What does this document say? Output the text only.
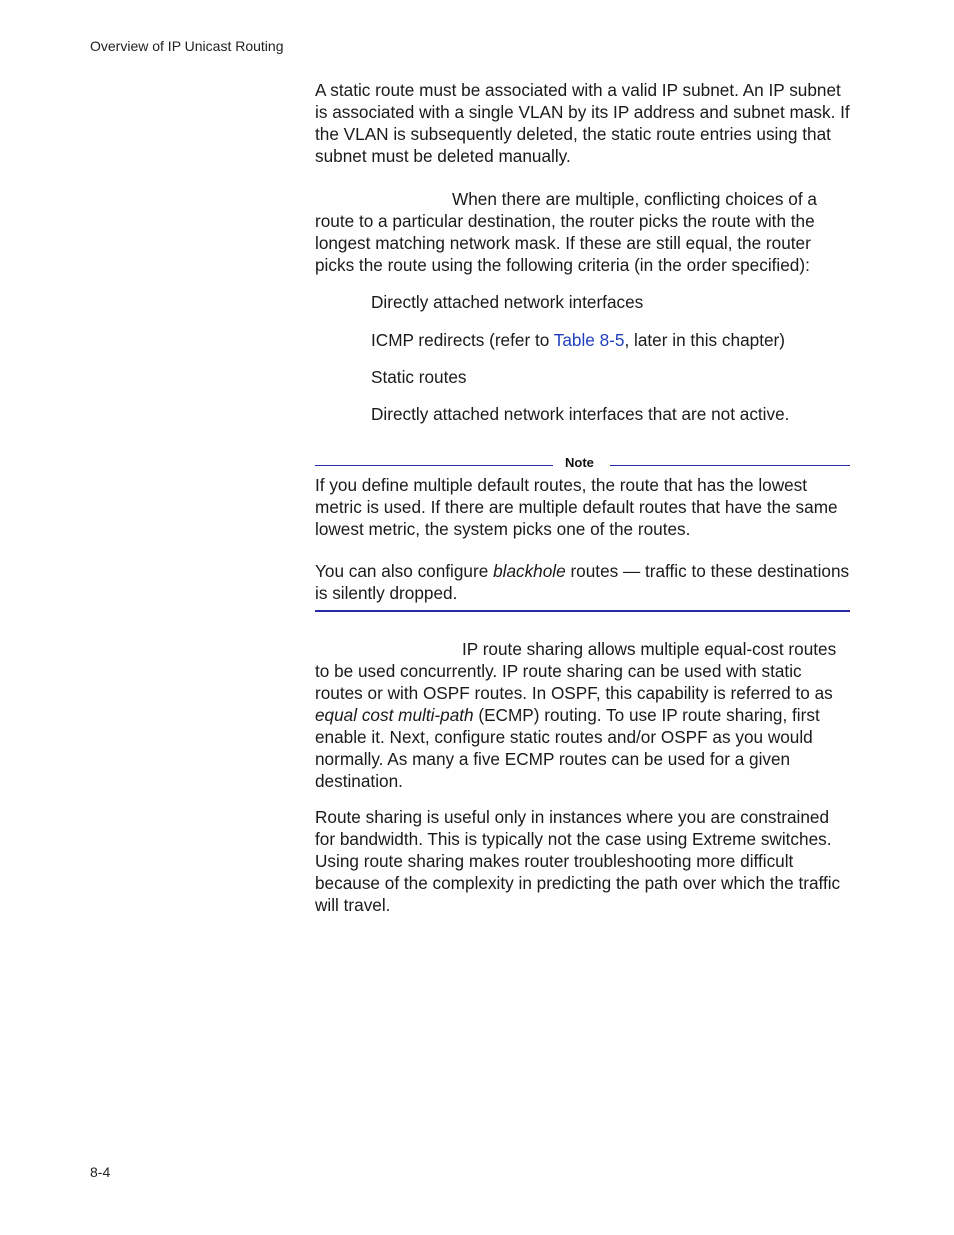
Overview of IP Unicast Routing

A static route must be associated with a valid IP subnet. An IP subnet is associated with a single VLAN by its IP address and subnet mask. If the VLAN is subsequently deleted, the static route entries using that subnet must be deleted manually.

When there are multiple, conflicting choices of a route to a particular destination, the router picks the route with the longest matching network mask. If these are still equal, the router picks the route using the following criteria (in the order specified):

Directly attached network interfaces
ICMP redirects (refer to Table 8-5, later in this chapter)
Static routes
Directly attached network interfaces that are not active.
Note

If you define multiple default routes, the route that has the lowest metric is used. If there are multiple default routes that have the same lowest metric, the system picks one of the routes.

You can also configure blackhole routes — traffic to these destinations is silently dropped.

IP route sharing allows multiple equal-cost routes to be used concurrently. IP route sharing can be used with static routes or with OSPF routes. In OSPF, this capability is referred to as equal cost multi-path (ECMP) routing. To use IP route sharing, first enable it. Next, configure static routes and/or OSPF as you would normally. As many a five ECMP routes can be used for a given destination.

Route sharing is useful only in instances where you are constrained for bandwidth. This is typically not the case using Extreme switches. Using route sharing makes router troubleshooting more difficult because of the complexity in predicting the path over which the traffic will travel.

8-4
